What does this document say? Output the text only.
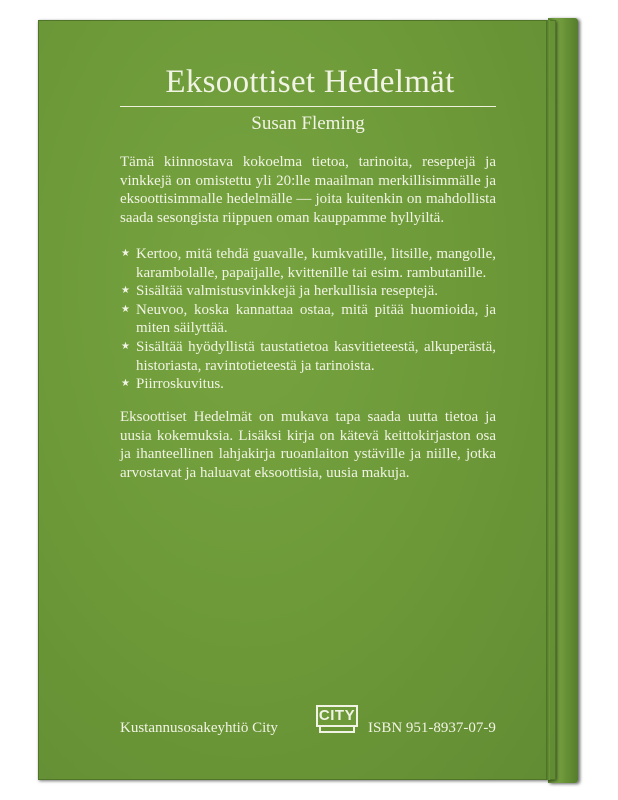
Eksoottiset Hedelmät
Susan Fleming

Tämä kiinnostava kokoelma tietoa, tarinoita, reseptejä ja vinkkejä on omistettu yli 20:lle maailman merkillisimmälle ja eksoottisimmalle hedelmälle — joita kuitenkin on mahdollista saada sesongista riippuen oman kauppamme hyllyiltä.

★ Kertoo, mitä tehdä guavalle, kumkvatille, litsille, mangolle, karambolalle, papaijalle, kvittenille tai esim. rambutanille.
★ Sisältää valmistusvinkkejä ja herkullisia reseptejä.
★ Neuvoo, koska kannattaa ostaa, mitä pitää huomioida, ja miten säilyttää.
★ Sisältää hyödyllistä taustatietoa kasvitieteestä, alkuperästä, historiasta, ravintotieteestä ja tarinoista.
★ Piirroskuvitus.

Eksoottiset Hedelmät on mukava tapa saada uutta tietoa ja uusia kokemuksia. Lisäksi kirja on kätevä keittokirjaston osa ja ihanteellinen lahjakirja ruoanlaiton ystäville ja niille, jotka arvostavat ja haluavat eksoottisia, uusia makuja.

Kustannusosakeyhtiö City
CITY
ISBN 951-8937-07-9
